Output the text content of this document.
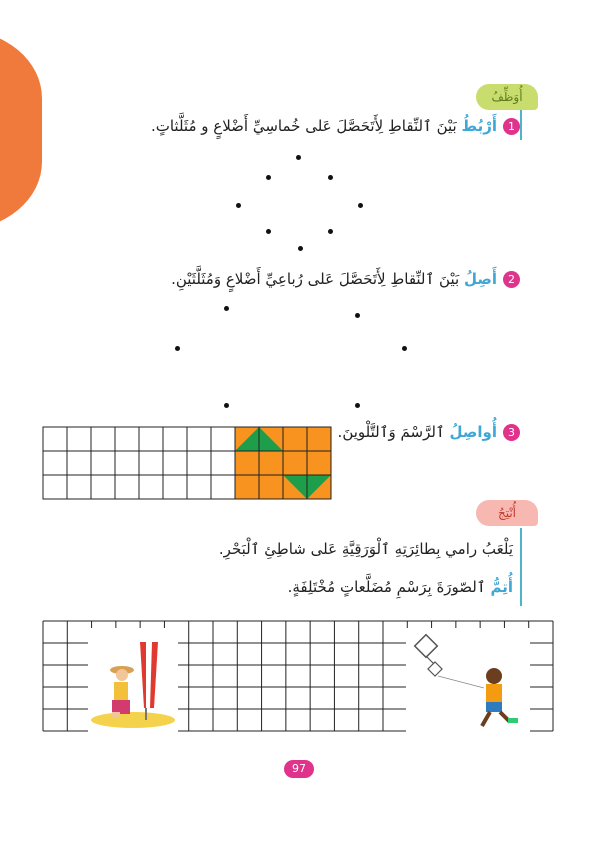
أُوَظِّفُ
1أَرْبُطُ بَيْنَ ٱلنِّقاطِ لِأَتَحَصَّلَ عَلى خُماسِيِّ أَضْلاعٍ و مُثَلَّثاتٍ.
2أَصِلُ بَيْنَ ٱلنِّقاطِ لِأَتَحَصَّلَ عَلى رُباعِيِّ أَضْلاعٍ وَمُثَلَّثَيْنِ.
3أُواصِلُ ٱلرَّسْمَ وَٱلتَّلْوينَ.
أُنْتِجُ
يَلْعَبُ رامي بِطائِرَتِهِ ٱلْوَرَقِيَّةِ عَلى شاطِئِ ٱلْبَحْرِ.
أُتِمُّ ٱلصّورَةَ بِرَسْمِ مُضَلَّعاتٍ مُخْتَلِفَةٍ.
97
